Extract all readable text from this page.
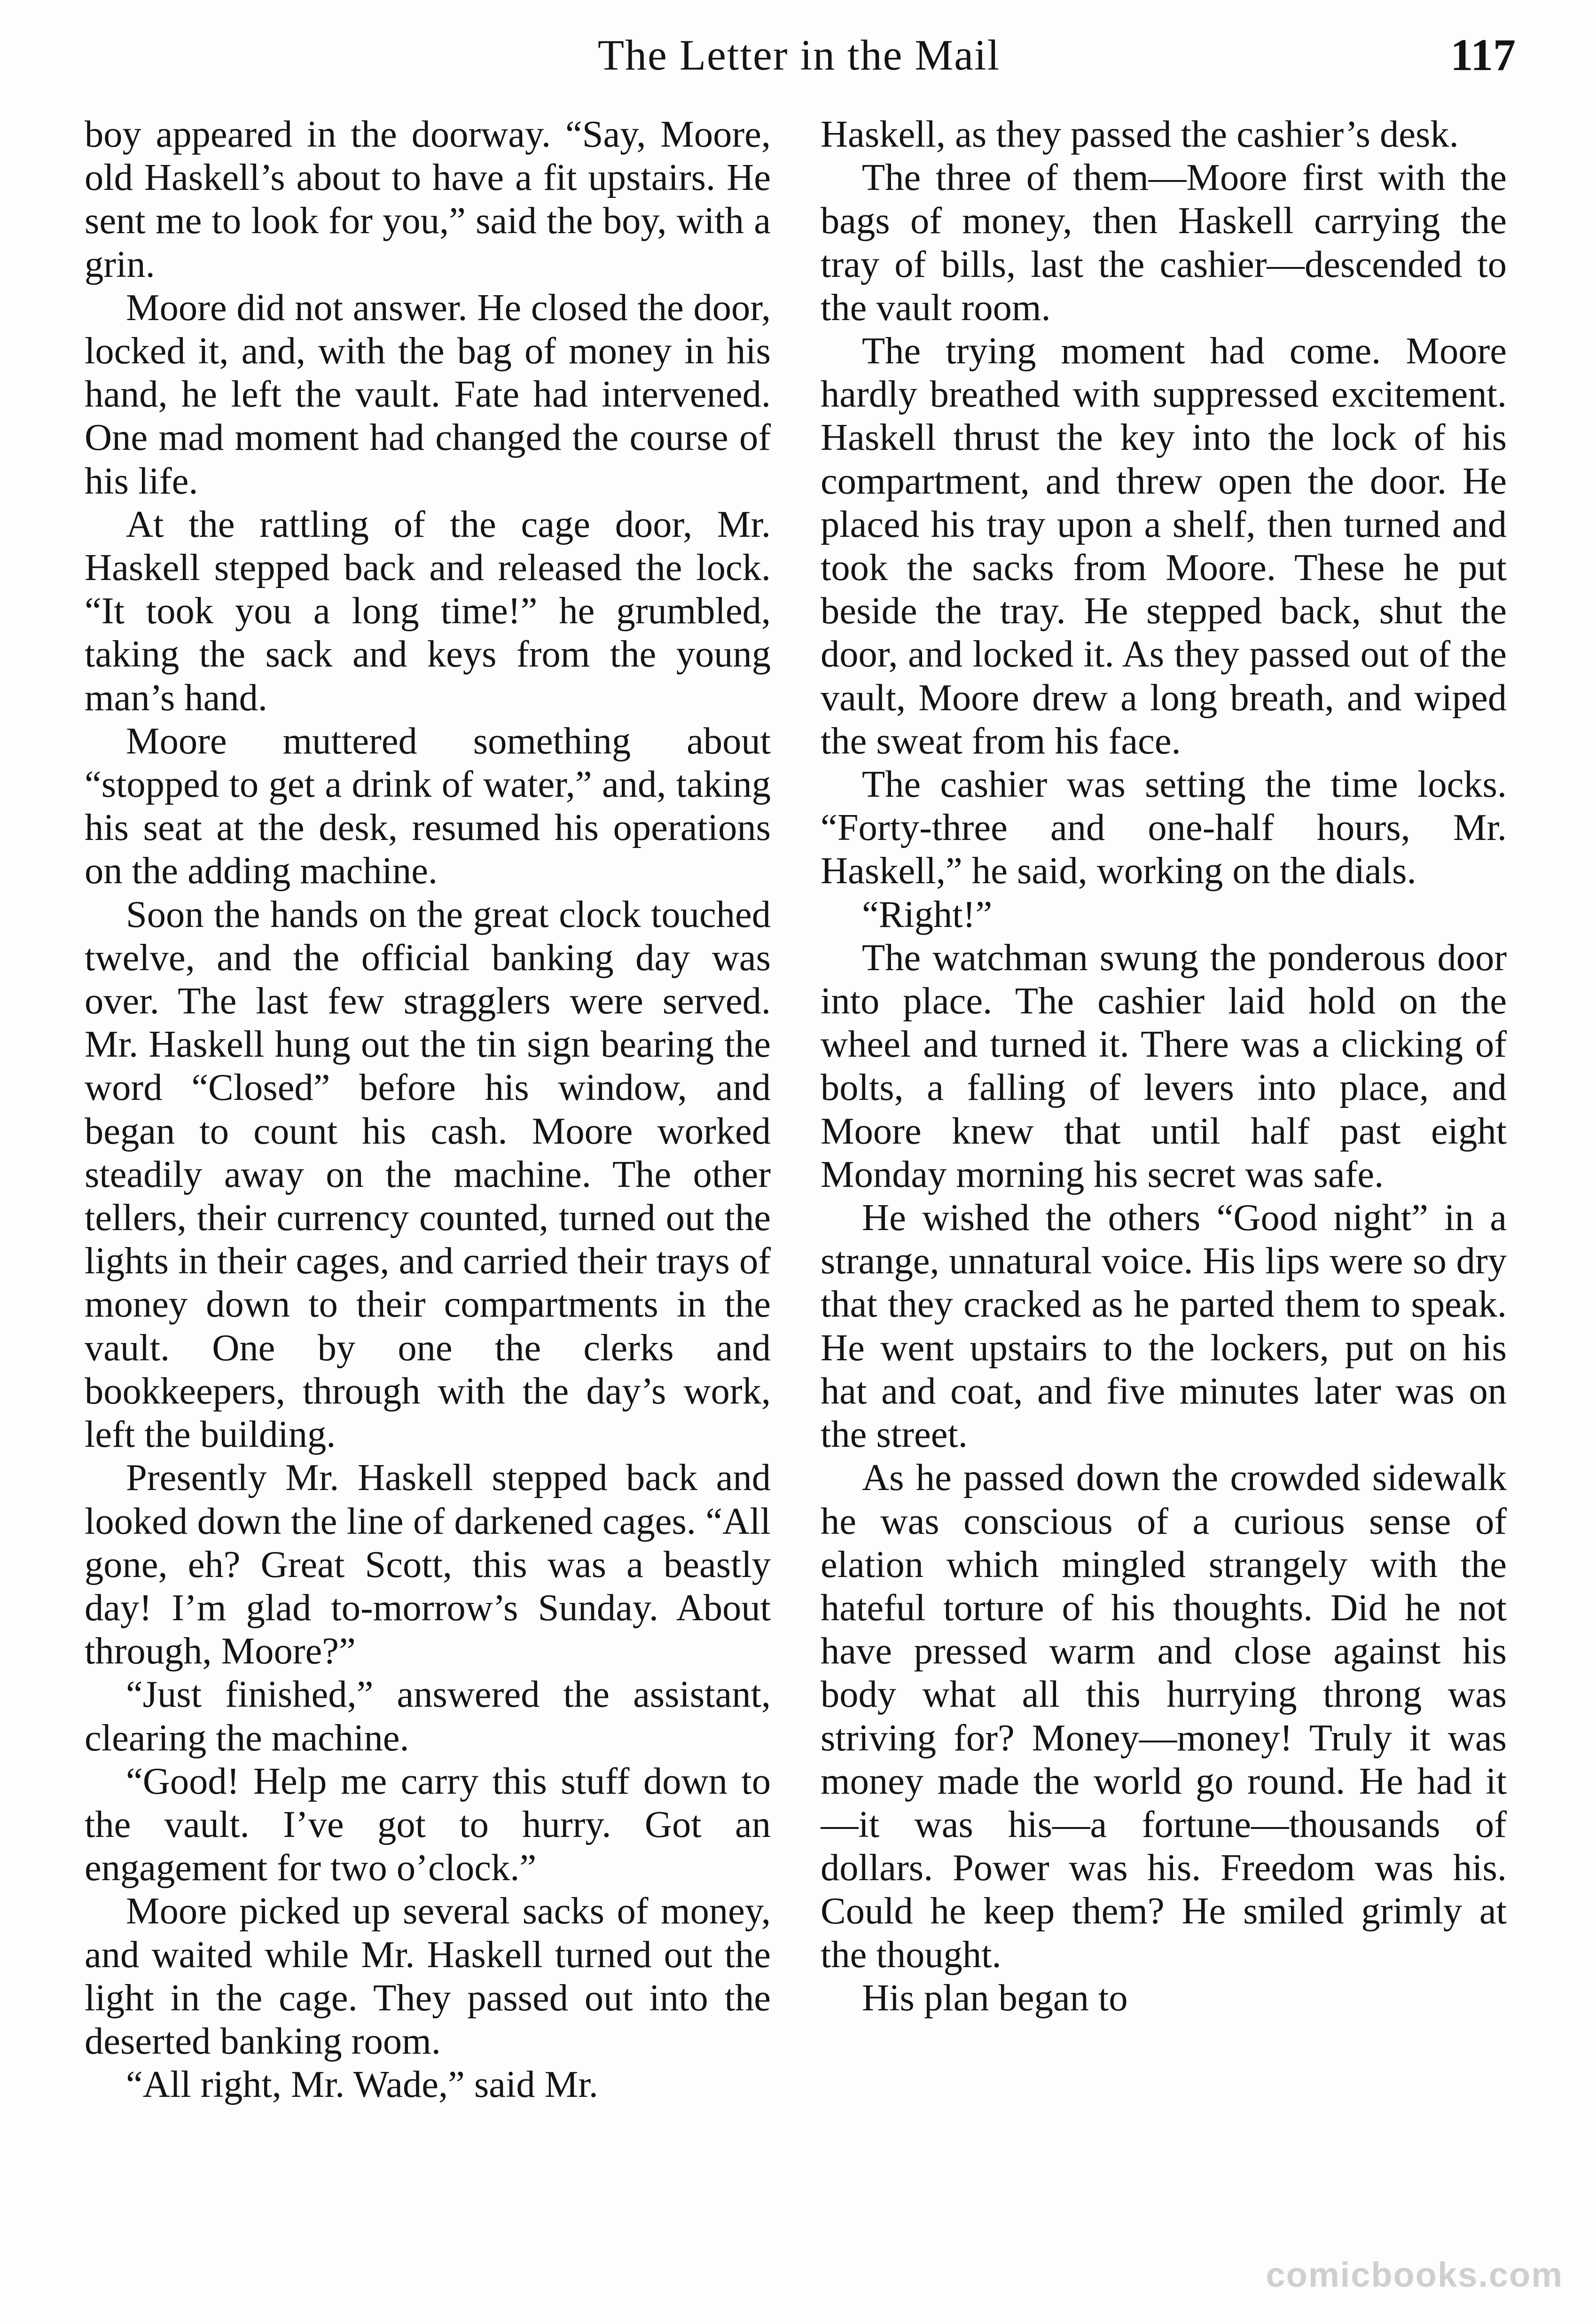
The Letter in the Mail	117

boy appeared in the doorway. “Say, Moore, old Haskell’s about to have a fit upstairs. He sent me to look for you,” said the boy, with a grin.

Moore did not answer. He closed the door, locked it, and, with the bag of money in his hand, he left the vault. Fate had intervened. One mad moment had changed the course of his life.

At the rattling of the cage door, Mr. Haskell stepped back and released the lock. “It took you a long time!” he grumbled, taking the sack and keys from the young man’s hand.

Moore muttered something about “stopped to get a drink of water,” and, taking his seat at the desk, resumed his operations on the adding machine.

Soon the hands on the great clock touched twelve, and the official banking day was over. The last few stragglers were served. Mr. Haskell hung out the tin sign bearing the word “Closed” before his window, and began to count his cash. Moore worked steadily away on the machine. The other tellers, their currency counted, turned out the lights in their cages, and carried their trays of money down to their compartments in the vault. One by one the clerks and bookkeepers, through with the day’s work, left the building.

Presently Mr. Haskell stepped back and looked down the line of darkened cages. “All gone, eh? Great Scott, this was a beastly day! I’m glad to-morrow’s Sunday. About through, Moore?”

“Just finished,” answered the assistant, clearing the machine.

“Good! Help me carry this stuff down to the vault. I’ve got to hurry. Got an engagement for two o’clock.”

Moore picked up several sacks of money, and waited while Mr. Haskell turned out the light in the cage. They passed out into the deserted banking room.

“All right, Mr. Wade,” said Mr.

Haskell, as they passed the cashier’s desk.

The three of them—Moore first with the bags of money, then Haskell carrying the tray of bills, last the cashier—descended to the vault room.

The trying moment had come. Moore hardly breathed with suppressed excitement. Haskell thrust the key into the lock of his compartment, and threw open the door. He placed his tray upon a shelf, then turned and took the sacks from Moore. These he put beside the tray. He stepped back, shut the door, and locked it. As they passed out of the vault, Moore drew a long breath, and wiped the sweat from his face.

The cashier was setting the time locks. “Forty-three and one-half hours, Mr. Haskell,” he said, working on the dials.

“Right!”

The watchman swung the ponderous door into place. The cashier laid hold on the wheel and turned it. There was a clicking of bolts, a falling of levers into place, and Moore knew that until half past eight Monday morning his secret was safe.

He wished the others “Good night” in a strange, unnatural voice. His lips were so dry that they cracked as he parted them to speak. He went upstairs to the lockers, put on his hat and coat, and five minutes later was on the street.

As he passed down the crowded sidewalk he was conscious of a curious sense of elation which mingled strangely with the hateful torture of his thoughts. Did he not have pressed warm and close against his body what all this hurrying throng was striving for? Money—money! Truly it was money made the world go round. He had it—it was his—a fortune—thousands of dollars. Power was his. Freedom was his. Could he keep them? He smiled grimly at the thought.

His plan began to

comicbooks.com
